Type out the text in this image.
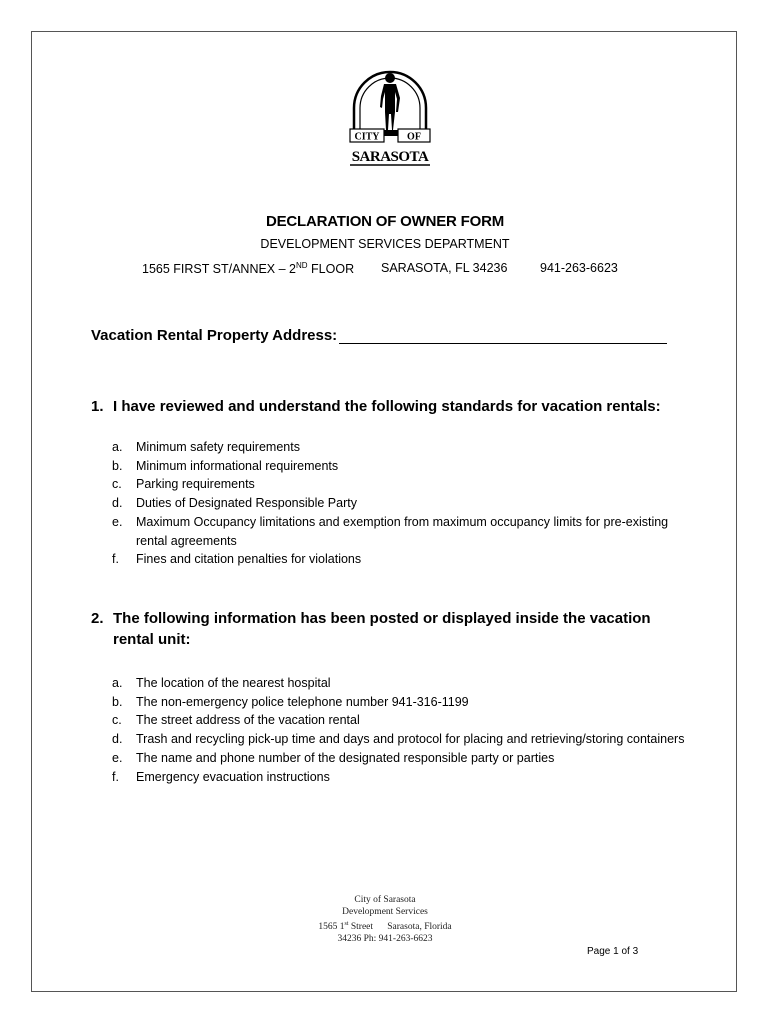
CITY	OF
SARASOTA
DECLARATION OF OWNER FORM
DEVELOPMENT SERVICES DEPARTMENT
1565 FIRST ST/ANNEX – 2ND FLOOR SARASOTA, FL 34236	941-263-6623
Vacation Rental Property Address:
1. I have reviewed and understand the following standards for vacation rentals:
a. Minimum safety requirements
b. Minimum informational requirements
c. Parking requirements
d. Duties of Designated Responsible Party
e. Maximum Occupancy limitations and exemption from maximum occupancy limits for pre-existing rental agreements
f. Fines and citation penalties for violations
2. The following information has been posted or displayed inside the vacation rental unit:
a. The location of the nearest hospital
b. The non-emergency police telephone number 941-316-1199
c. The street address of the vacation rental
d. Trash and recycling pick-up time and days and protocol for placing and retrieving/storing containers
e. The name and phone number of the designated responsible party or parties
f. Emergency evacuation instructions
City of Sarasota
Development Services
1565 1st Street      Sarasota, Florida
34236 Ph: 941-263-6623
Page 1 of 3
